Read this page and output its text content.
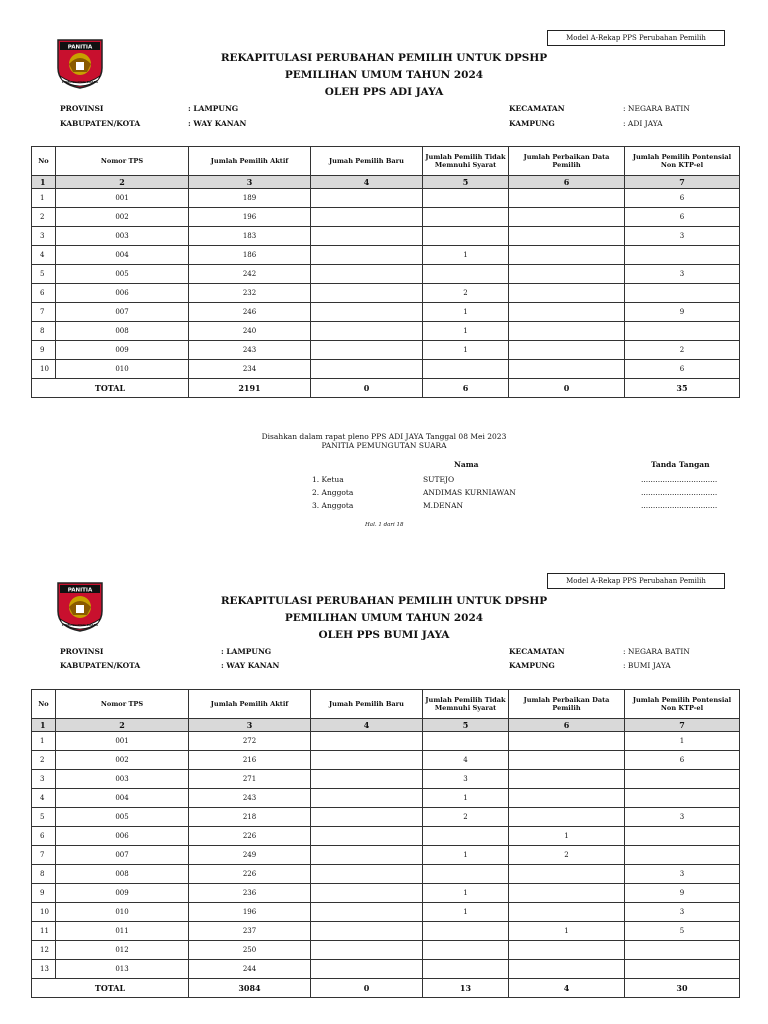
Model A-Rekap PPS Perubahan Pemilih
PANITIA
PEMUNGUTAN SUARA
REKAPITULASI PERUBAHAN PEMILIH UNTUK DPSHP
PEMILIHAN UMUM TAHUN 2024
OLEH PPS ADI JAYA
PROVINSI	: LAMPUNG
KABUPATEN/KOTA	: WAY KANAN
KECAMATAN	: NEGARA BATIN
KAMPUNG	: ADI JAYA
No	Nomor TPS	Jumlah Pemilih Aktif	Jumah Pemilih Baru	Jumlah Pemilih Tidak Memnuhi Syarat	Jumlah Perbaikan Data Pemilih	Jumlah Pemilih Pontensial Non KTP-el
1	2	3	4	5	6	7
1	001	189				6
2	002	196				6
3	003	183				3
4	004	186		1		
5	005	242				3
6	006	232		2		
7	007	246		1		9
8	008	240		1		
9	009	243		1		2
10	010	234				6
TOTAL		2191	0	6	0	35
Disahkan dalam rapat pleno PPS ADI JAYA Tanggal 08 Mei 2023
PANITIA PEMUNGUTAN SUARA
Nama	Tanda Tangan
1. Ketua	SUTEJO	................................
2. Anggota	ANDIMAS KURNIAWAN	................................
3. Anggota	M.DENAN	................................
Hal. 1 dari 18
Model A-Rekap PPS Perubahan Pemilih
PANITIA
PEMUNGUTAN SUARA
REKAPITULASI PERUBAHAN PEMILIH UNTUK DPSHP
PEMILIHAN UMUM TAHUN 2024
OLEH PPS BUMI JAYA
PROVINSI	: LAMPUNG
KABUPATEN/KOTA	: WAY KANAN
KECAMATAN	: NEGARA BATIN
KAMPUNG	: BUMI JAYA
No	Nomor TPS	Jumlah Pemilih Aktif	Jumah Pemilih Baru	Jumlah Pemilih Tidak Memnuhi Syarat	Jumlah Perbaikan Data Pemilih	Jumlah Pemilih Pontensial Non KTP-el
1	2	3	4	5	6	7
1	001	272				1
2	002	216		4		6
3	003	271		3		
4	004	243		1		
5	005	218		2		3
6	006	226			1	
7	007	249		1	2	
8	008	226				3
9	009	236		1		9
10	010	196		1		3
11	011	237			1	5
12	012	250				
13	013	244				
TOTAL		3084	0	13	4	30
